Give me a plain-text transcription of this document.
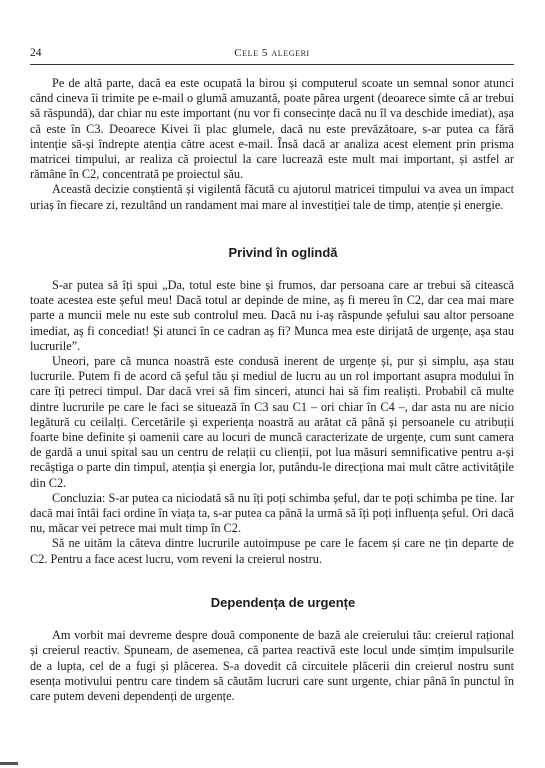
24	Cele 5 alegeri

Pe de altă parte, dacă ea este ocupată la birou și computerul scoate un semnal sonor atunci când cineva îi trimite pe e-mail o glumă amuzantă, poate părea urgent (deoarece simte că ar trebui să răspundă), dar chiar nu este important (nu vor fi consecințe dacă nu îl va deschide imediat), așa că este în C3. Deoarece Kivei îi plac glumele, dacă nu este prevăzătoare, s-ar putea ca fără intenție să-și îndrepte atenția către acest e-mail. Însă dacă ar analiza acest element prin prisma matricei timpului, ar realiza că proiectul la care lucrează este mult mai important, și astfel ar rămâne în C2, concentrată pe proiectul său.

Această decizie conștientă și vigilentă făcută cu ajutorul matricei timpului va avea un impact uriaș în fiecare zi, rezultând un randament mai mare al investiției tale de timp, atenție și energie.

Privind în oglindă

S-ar putea să îți spui „Da, totul este bine și frumos, dar persoana care ar trebui să citească toate acestea este șeful meu! Dacă totul ar depinde de mine, aș fi mereu în C2, dar cea mai mare parte a muncii mele nu este sub controlul meu. Dacă nu i-aș răspunde șefului sau altor persoane imediat, aș fi concediat! Și atunci în ce cadran aș fi? Munca mea este dirijată de urgențe, așa stau lucrurile”.

Uneori, pare că munca noastră este condusă inerent de urgențe și, pur și simplu, așa stau lucrurile. Putem fi de acord că șeful tău și mediul de lucru au un rol important asupra modului în care îți petreci timpul. Dar dacă vrei să fim sinceri, atunci hai să fim realiști. Probabil că multe dintre lucrurile pe care le faci se situează în C3 sau C1 – ori chiar în C4 –, dar asta nu are nicio legătură cu ceilalți. Cercetările și experiența noastră au arătat că până și persoanele cu atribuții foarte bine definite și oamenii care au locuri de muncă caracterizate de urgențe, cum sunt camera de gardă a unui spital sau un centru de relații cu clienții, pot lua măsuri semnificative pentru a-și recâștiga o parte din timpul, atenția și energia lor, putându-le direcționa mai mult către activitățile din C2.

Concluzia: S-ar putea ca niciodată să nu îți poți schimba șeful, dar te poți schimba pe tine. Iar dacă mai întâi faci ordine în viața ta, s-ar putea ca până la urmă să îți poți influența șeful. Ori dacă nu, măcar vei petrece mai mult timp în C2.

Să ne uităm la câteva dintre lucrurile autoimpuse pe care le facem și care ne țin departe de C2. Pentru a face acest lucru, vom reveni la creierul nostru.

Dependența de urgențe

Am vorbit mai devreme despre două componente de bază ale creierului tău: creierul rațional și creierul reactiv. Spuneam, de asemenea, că partea reactivă este locul unde simțim impulsurile de a lupta, cel de a fugi și plăcerea. S-a dovedit că circuitele plăcerii din creierul nostru sunt esența motivului pentru care tindem să căutăm lucruri care sunt urgente, chiar până în punctul în care putem deveni dependenți de urgențe.
